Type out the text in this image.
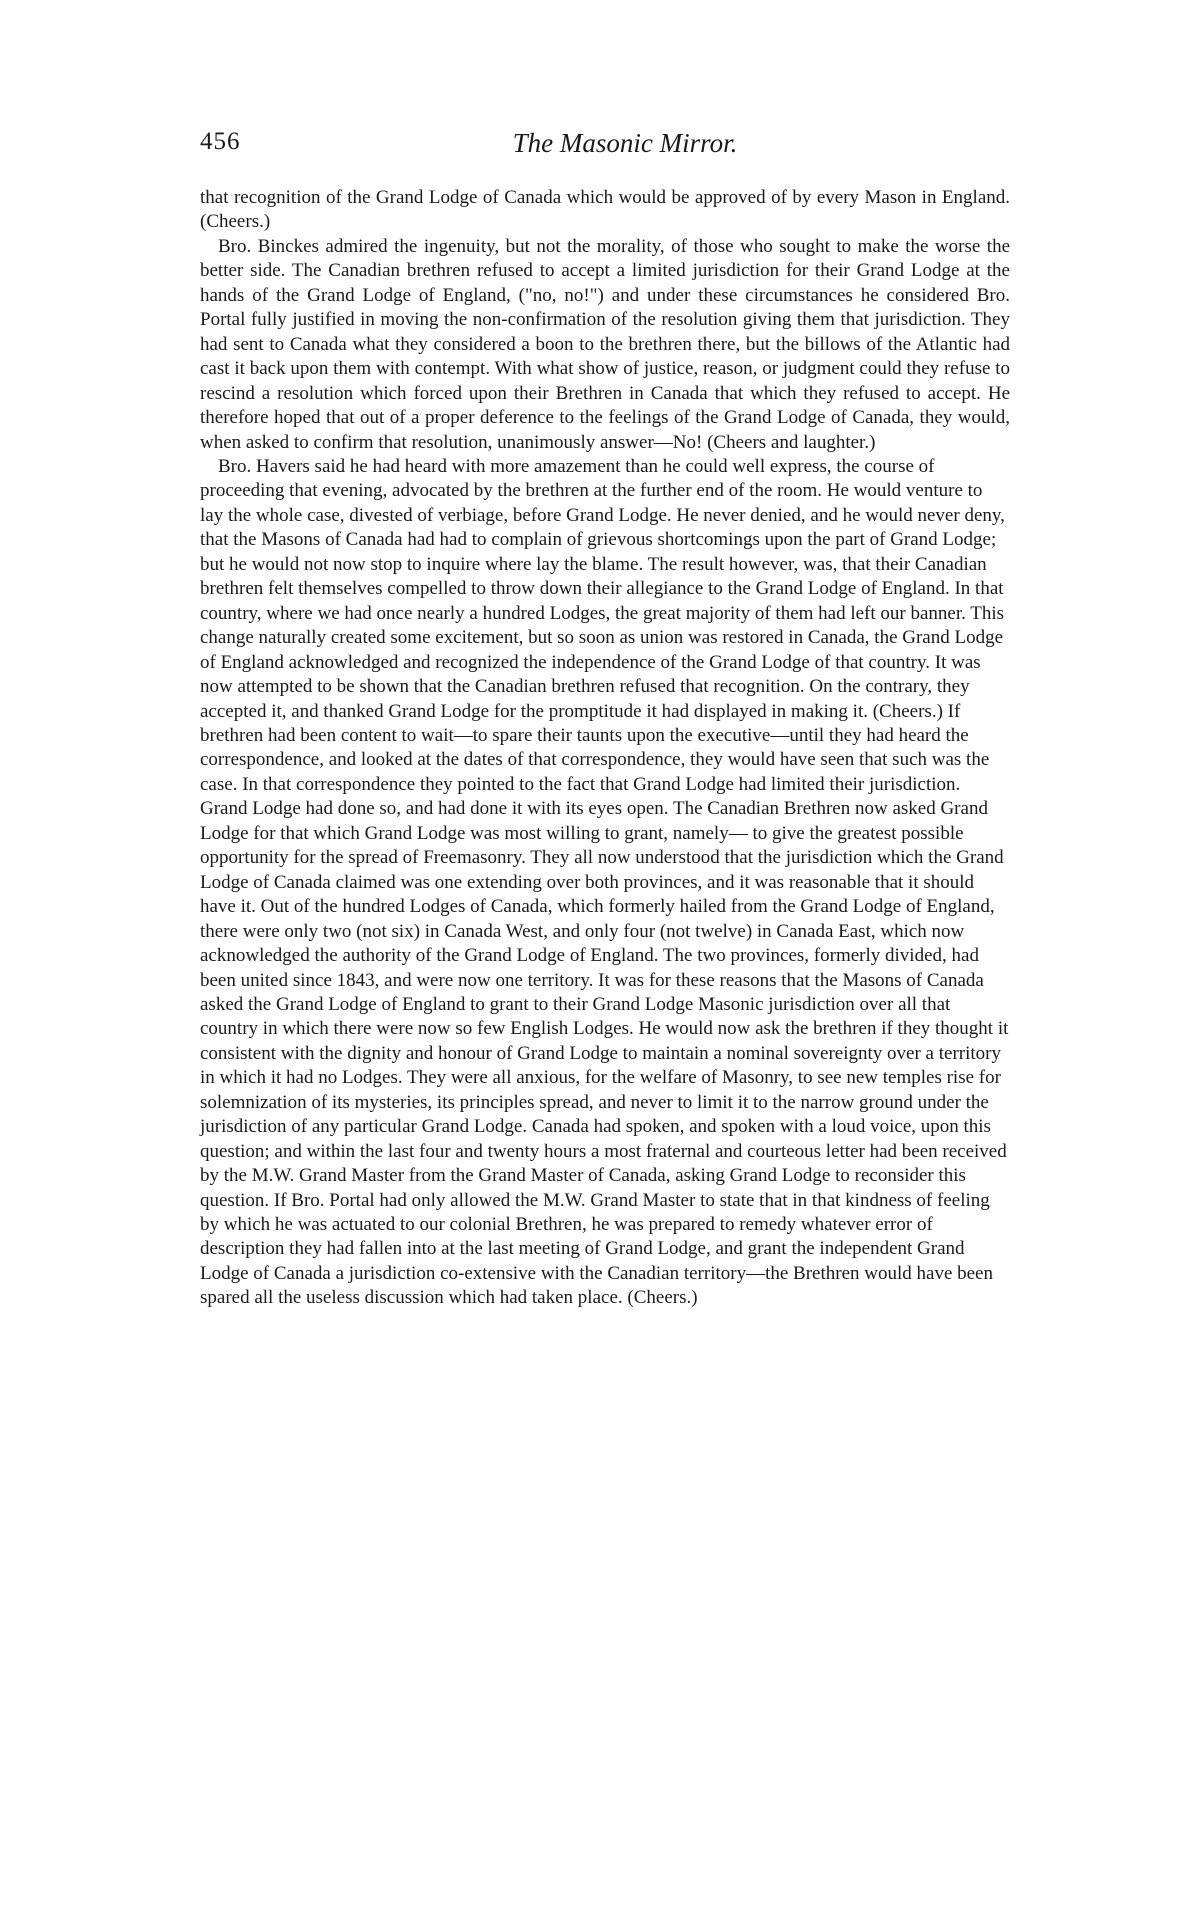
456	The Masonic Mirror.

that recognition of the Grand Lodge of Canada which would be approved of by every Mason in England. (Cheers.)

Bro. Binckes admired the ingenuity, but not the morality, of those who sought to make the worse the better side. The Canadian brethren refused to accept a limited jurisdiction for their Grand Lodge at the hands of the Grand Lodge of England, ("no, no!") and under these circumstances he considered Bro. Portal fully justified in moving the non-confirmation of the resolution giving them that jurisdiction. They had sent to Canada what they considered a boon to the brethren there, but the billows of the Atlantic had cast it back upon them with contempt. With what show of justice, reason, or judgment could they refuse to rescind a resolution which forced upon their Brethren in Canada that which they refused to accept. He therefore hoped that out of a proper deference to the feelings of the Grand Lodge of Canada, they would, when asked to confirm that resolution, unanimously answer—No! (Cheers and laughter.)

Bro. Havers said he had heard with more amazement than he could well express, the course of proceeding that evening, advocated by the brethren at the further end of the room. He would venture to lay the whole case, divested of verbiage, before Grand Lodge. He never denied, and he would never deny, that the Masons of Canada had had to complain of grievous shortcomings upon the part of Grand Lodge; but he would not now stop to inquire where lay the blame. The result however, was, that their Canadian brethren felt themselves compelled to throw down their allegiance to the Grand Lodge of England. In that country, where we had once nearly a hundred Lodges, the great majority of them had left our banner. This change naturally created some excitement, but so soon as union was restored in Canada, the Grand Lodge of England acknowledged and recognized the independence of the Grand Lodge of that country. It was now attempted to be shown that the Canadian brethren refused that recognition. On the contrary, they accepted it, and thanked Grand Lodge for the promptitude it had displayed in making it. (Cheers.) If brethren had been content to wait—to spare their taunts upon the executive—until they had heard the correspondence, and looked at the dates of that correspondence, they would have seen that such was the case. In that correspondence they pointed to the fact that Grand Lodge had limited their jurisdiction. Grand Lodge had done so, and had done it with its eyes open. The Canadian Brethren now asked Grand Lodge for that which Grand Lodge was most willing to grant, namely— to give the greatest possible opportunity for the spread of Freemasonry. They all now understood that the jurisdiction which the Grand Lodge of Canada claimed was one extending over both provinces, and it was reasonable that it should have it. Out of the hundred Lodges of Canada, which formerly hailed from the Grand Lodge of England, there were only two (not six) in Canada West, and only four (not twelve) in Canada East, which now acknowledged the authority of the Grand Lodge of England. The two provinces, formerly divided, had been united since 1843, and were now one territory. It was for these reasons that the Masons of Canada asked the Grand Lodge of England to grant to their Grand Lodge Masonic jurisdiction over all that country in which there were now so few English Lodges. He would now ask the brethren if they thought it consistent with the dignity and honour of Grand Lodge to maintain a nominal sovereignty over a territory in which it had no Lodges. They were all anxious, for the welfare of Masonry, to see new temples rise for solemnization of its mysteries, its principles spread, and never to limit it to the narrow ground under the jurisdiction of any particular Grand Lodge. Canada had spoken, and spoken with a loud voice, upon this question; and within the last four and twenty hours a most fraternal and courteous letter had been received by the M.W. Grand Master from the Grand Master of Canada, asking Grand Lodge to reconsider this question. If Bro. Portal had only allowed the M.W. Grand Master to state that in that kindness of feeling by which he was actuated to our colonial Brethren, he was prepared to remedy whatever error of description they had fallen into at the last meeting of Grand Lodge, and grant the independent Grand Lodge of Canada a jurisdiction co-extensive with the Canadian territory—the Brethren would have been spared all the useless discussion which had taken place. (Cheers.)
